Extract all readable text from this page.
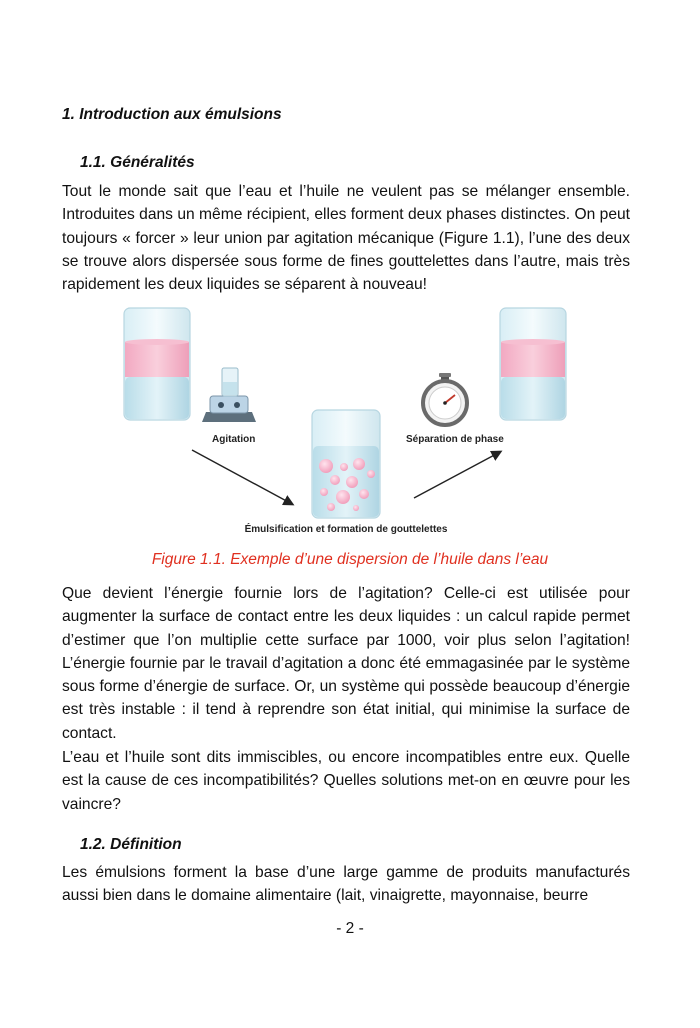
1. Introduction aux émulsions
1.1. Généralités

Tout le monde sait que l’eau et l’huile ne veulent pas se mélanger ensemble. Introduites dans un même récipient, elles forment deux phases distinctes. On peut toujours « forcer » leur union par agitation mécanique (Figure 1.1), l’une des deux se trouve alors dispersée sous forme de fines gouttelettes dans l’autre, mais très rapidement les deux liquides se séparent à nouveau!

Agitation	Séparation de phase
Émulsification et formation de gouttelettes
Figure 1.1. Exemple d’une dispersion de l’huile dans l’eau

Que devient l’énergie fournie lors de l’agitation? Celle-ci est utilisée pour augmenter la surface de contact entre les deux liquides : un calcul rapide permet d’estimer que l’on multiplie cette surface par 1000, voir plus selon l’agitation! L’énergie fournie par le travail d’agitation a donc été emmagasinée par le système sous forme d’énergie de surface. Or, un système qui possède beaucoup d’énergie est très instable : il tend à reprendre son état initial, qui minimise la surface de contact.

L’eau et l’huile sont dits immiscibles, ou encore incompatibles entre eux. Quelle est la cause de ces incompatibilités? Quelles solutions met-on en œuvre pour les vaincre?

1.2. Définition

Les émulsions forment la base d’une large gamme de produits manufacturés aussi bien dans le domaine alimentaire (lait, vinaigrette, mayonnaise, beurre

- 2 -
